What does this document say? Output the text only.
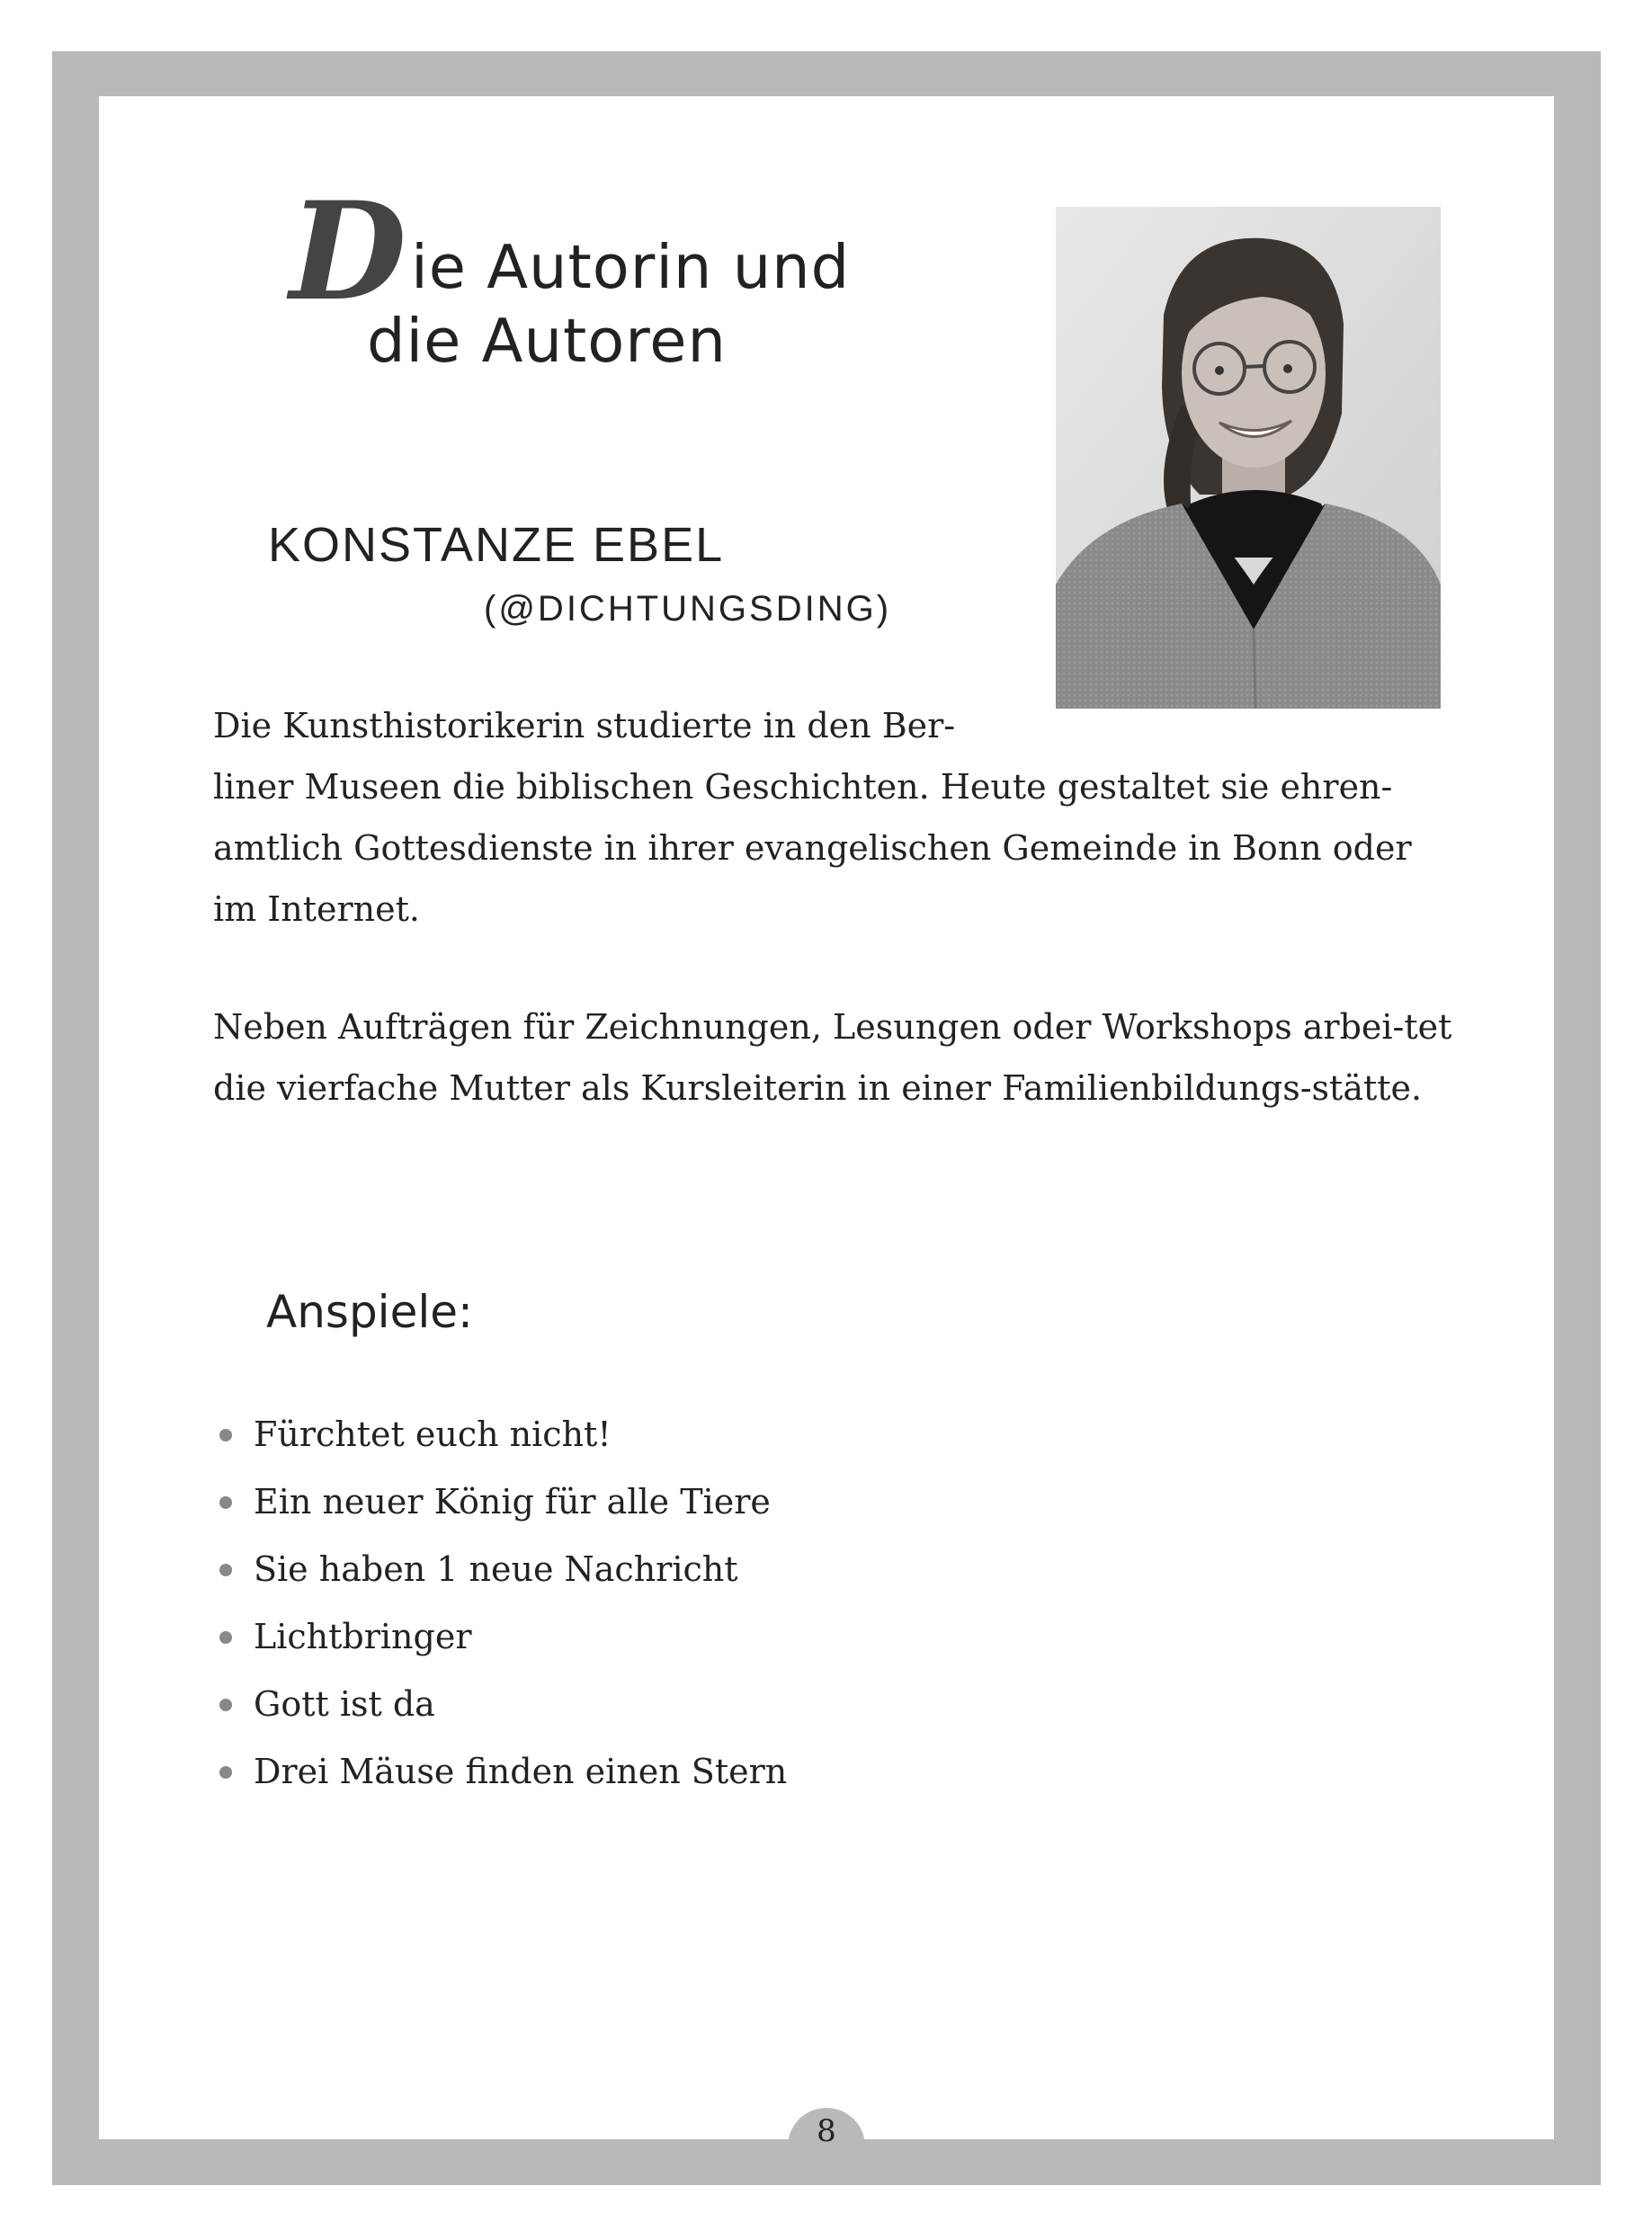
Die Autorin und
die Autoren
KONSTANZE EBEL
(@DICHTUNGSDING)

Die Kunsthistorikerin studierte in den Ber-

liner Museen die biblischen Geschichten. Heute gestaltet sie ehren-amtlich Gottesdienste in ihrer evangelischen Gemeinde in Bonn oder im Internet.

Neben Aufträgen für Zeichnungen, Lesungen oder Workshops arbei-tet die vierfache Mutter als Kursleiterin in einer Familienbildungs-stätte.

Anspiele:
Fürchtet euch nicht!
Ein neuer König für alle Tiere
Sie haben 1 neue Nachricht
Lichtbringer
Gott ist da
Drei Mäuse finden einen Stern
8
